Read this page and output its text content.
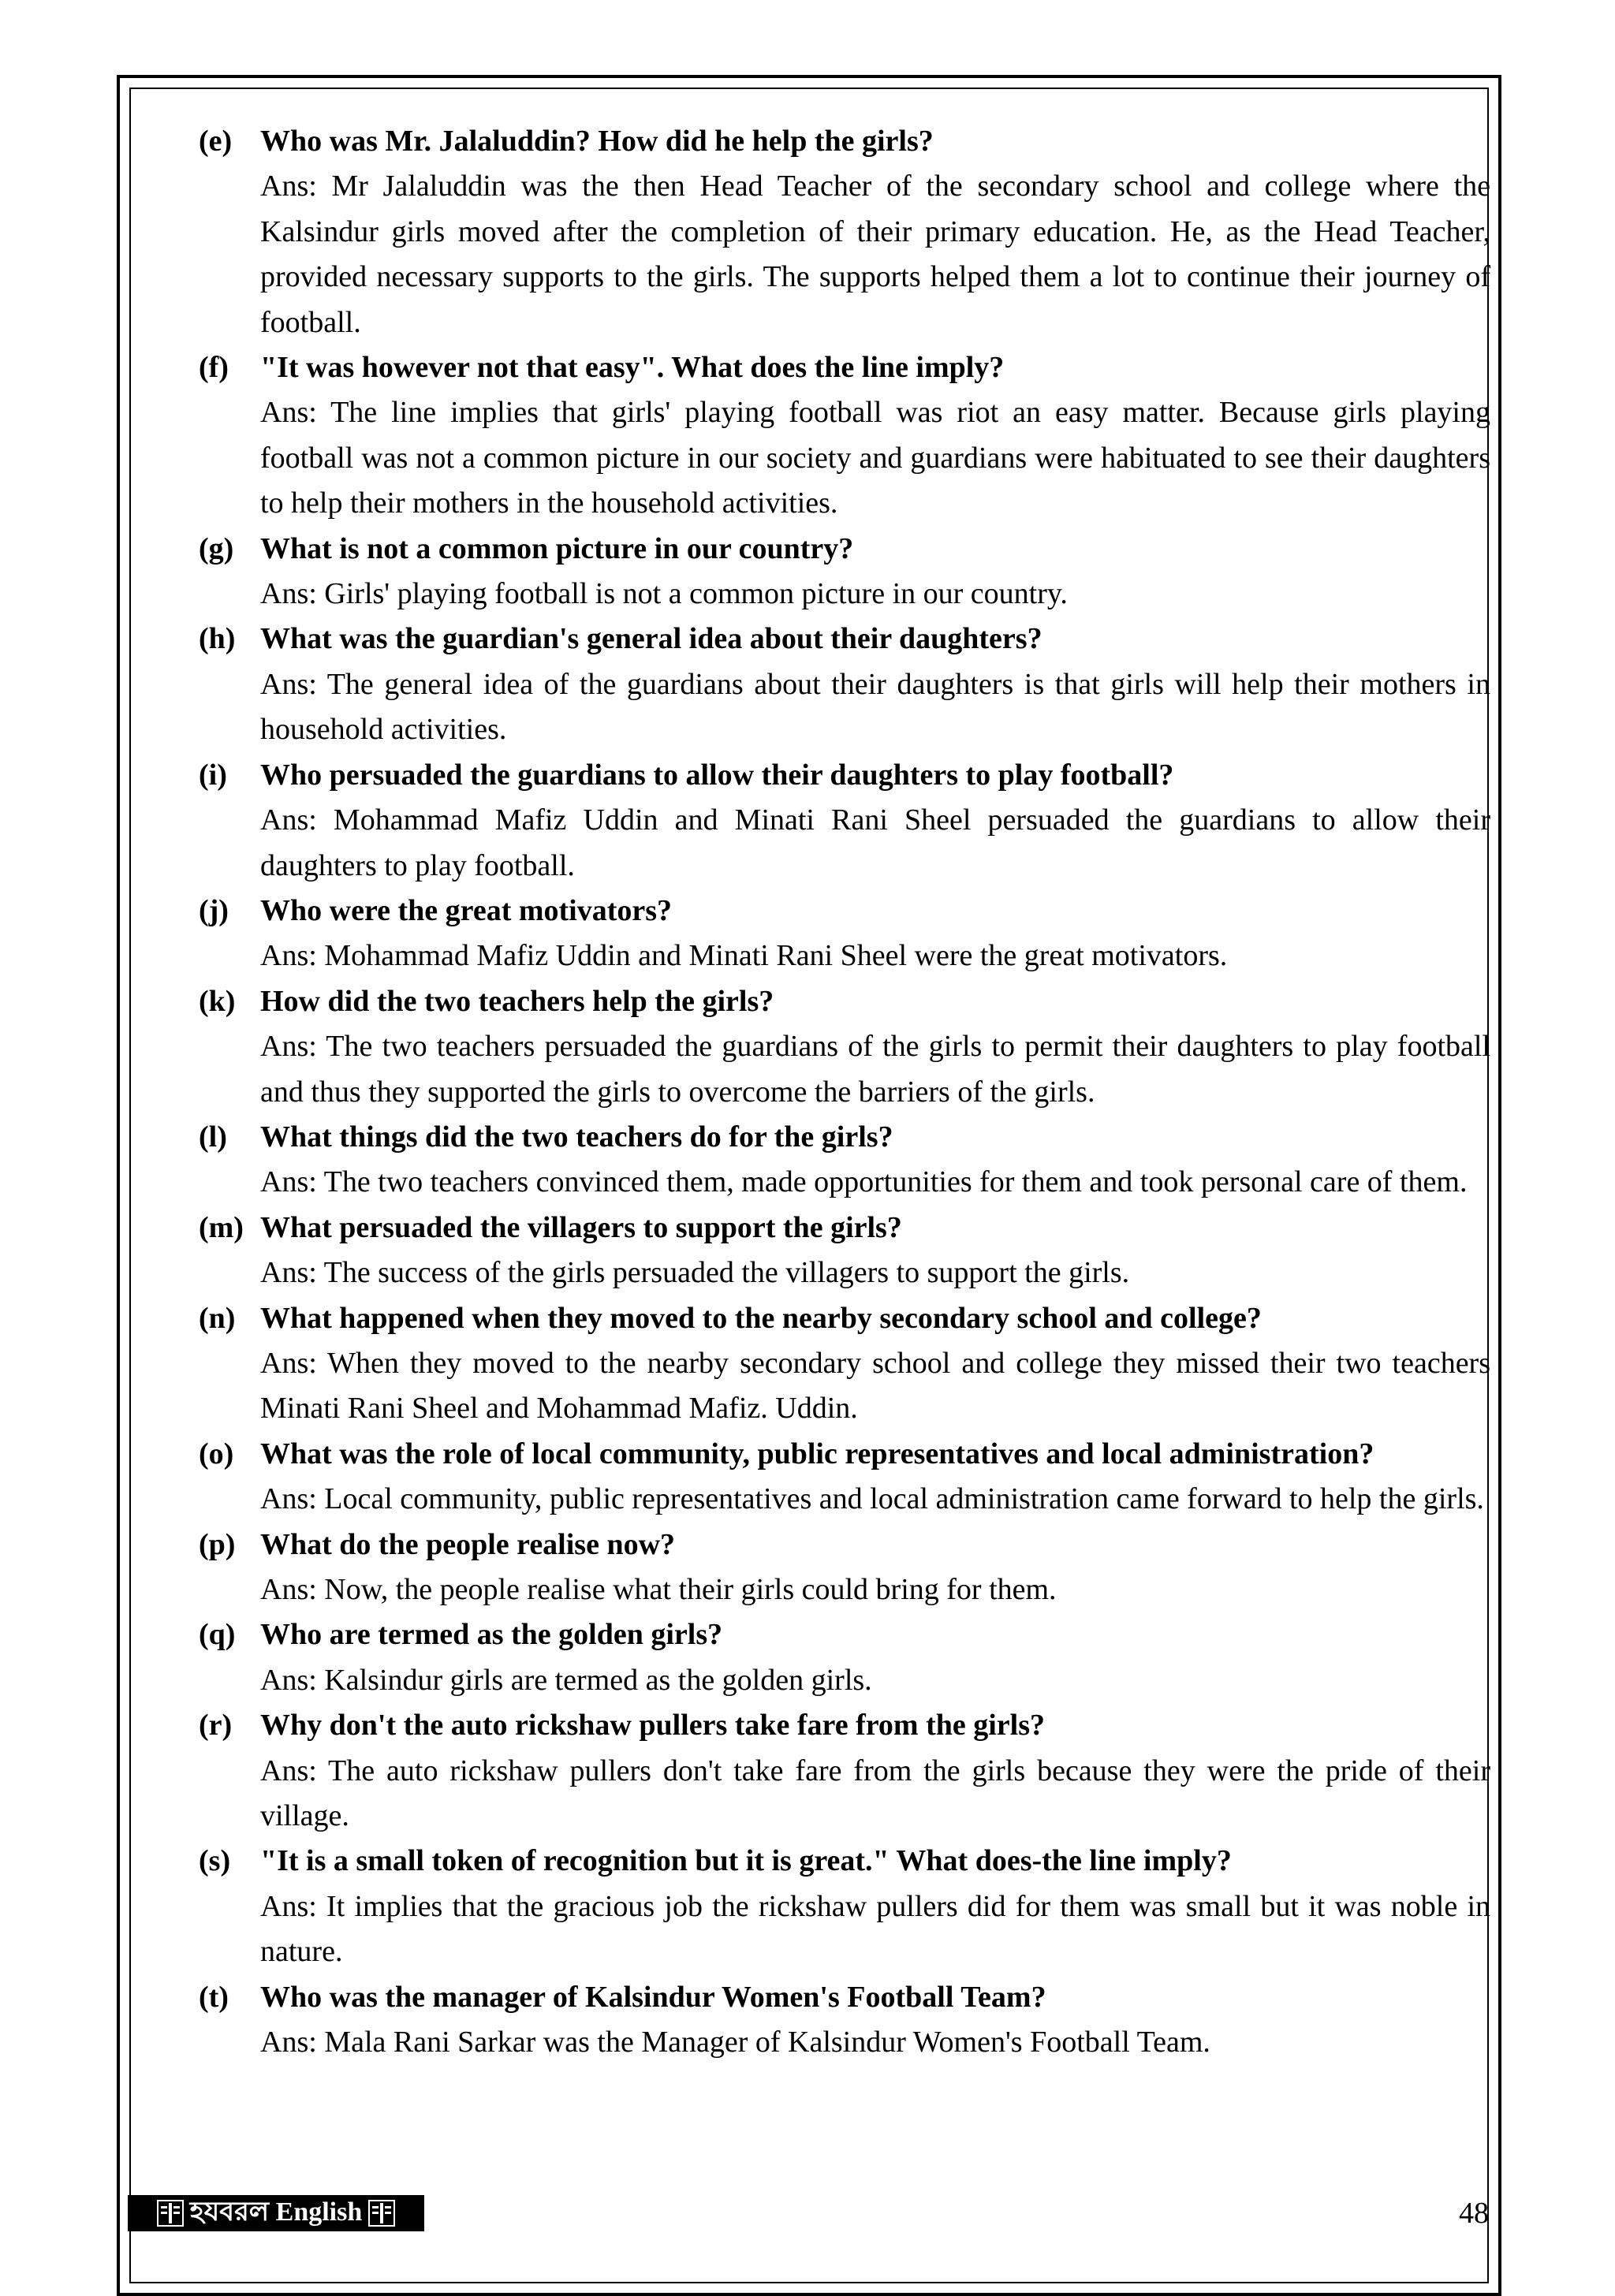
(e) Who was Mr. Jalaluddin? How did he help the girls?
Ans: Mr Jalaluddin was the then Head Teacher of the secondary school and college where the Kalsindur girls moved after the completion of their primary education. He, as the Head Teacher, provided necessary supports to the girls. The supports helped them a lot to continue their journey of football.
(f)	"It was however not that easy". What does the line imply?
Ans: The line implies that girls' playing football was riot an easy matter. Because girls playing football was not a common picture in our society and guardians were habituated to see their daughters to help their mothers in the household activities.
(g) What is not a common picture in our country?
Ans: Girls' playing football is not a common picture in our country.
(h) What was the guardian's general idea about their daughters?
Ans: The general idea of the guardians about their daughters is that girls will help their mothers in household activities.
(i)	Who persuaded the guardians to allow their daughters to play football?
Ans: Mohammad Mafiz Uddin and Minati Rani Sheel persuaded the guardians to allow their daughters to play football.
(j)	Who were the great motivators?
Ans: Mohammad Mafiz Uddin and Minati Rani Sheel were the great motivators.
(k) How did the two teachers help the girls?
Ans: The two teachers persuaded the guardians of the girls to permit their daughters to play football and thus they supported the girls to overcome the barriers of the girls.
(l)	What things did the two teachers do for the girls?
Ans: The two teachers convinced them, made opportunities for them and took personal care of them.
(m) What persuaded the villagers to support the girls?
Ans: The success of the girls persuaded the villagers to support the girls.
(n) What happened when they moved to the nearby secondary school and college?
Ans: When they moved to the nearby secondary school and college they missed their two teachers Minati Rani Sheel and Mohammad Mafiz. Uddin.
(o) What was the role of local community, public representatives and local administration?
Ans: Local community, public representatives and local administration came forward to help the girls.
(p) What do the people realise now?
Ans: Now, the people realise what their girls could bring for them.
(q) Who are termed as the golden girls?
Ans: Kalsindur girls are termed as the golden girls.
(r) Why don't the auto rickshaw pullers take fare from the girls?
Ans: The auto rickshaw pullers don't take fare from the girls because they were the pride of their village.
(s) "It is a small token of recognition but it is great." What does-the line imply?
Ans: It implies that the gracious job the rickshaw pullers did for them was small but it was noble in nature.
(t)	Who was the manager of Kalsindur Women's Football Team?
Ans: Mala Rani Sarkar was the Manager of Kalsindur Women's Football Team.
হযবরল English	48
